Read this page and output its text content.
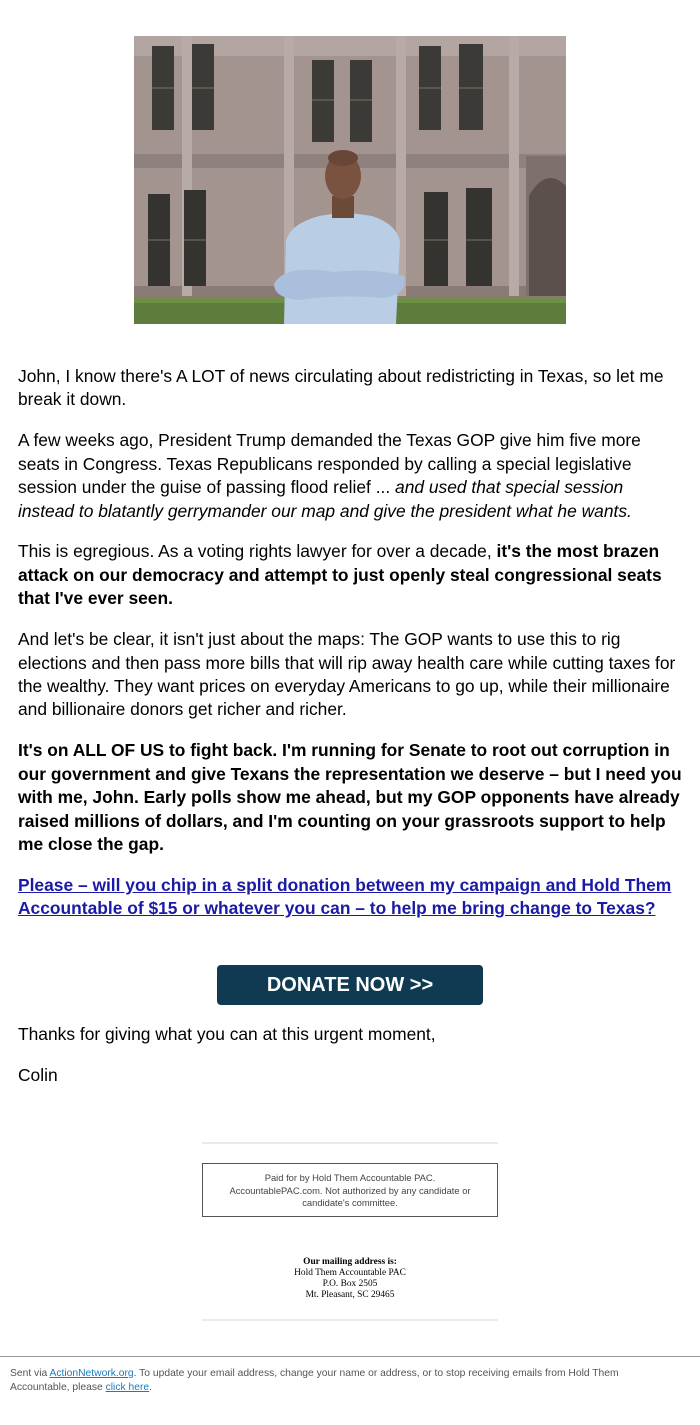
John, I know there's A LOT of news circulating about redistricting in Texas, so let me break it down.

A few weeks ago, President Trump demanded the Texas GOP give him five more seats in Congress. Texas Republicans responded by calling a special legislative session under the guise of passing flood relief ... and used that special session instead to blatantly gerrymander our map and give the president what he wants.

This is egregious. As a voting rights lawyer for over a decade, it's the most brazen attack on our democracy and attempt to just openly steal congressional seats that I've ever seen.

And let's be clear, it isn't just about the maps: The GOP wants to use this to rig elections and then pass more bills that will rip away health care while cutting taxes for the wealthy. They want prices on everyday Americans to go up, while their millionaire and billionaire donors get richer and richer.

It's on ALL OF US to fight back. I'm running for Senate to root out corruption in our government and give Texans the representation we deserve – but I need you with me, John. Early polls show me ahead, but my GOP opponents have already raised millions of dollars, and I'm counting on your grassroots support to help me close the gap.

Please – will you chip in a split donation between my campaign and Hold Them Accountable of $15 or whatever you can – to help me bring change to Texas?

DONATE NOW >>
Thanks for giving what you can at this urgent moment,
Colin
Paid for by Hold Them Accountable PAC. AccountablePAC.com. Not authorized by any candidate or candidate's committee.
Our mailing address is:
Hold Them Accountable PAC
P.O. Box 2505
Mt. Pleasant, SC 29465
Sent via ActionNetwork.org. To update your email address, change your name or address, or to stop receiving emails from Hold Them Accountable, please click here.
